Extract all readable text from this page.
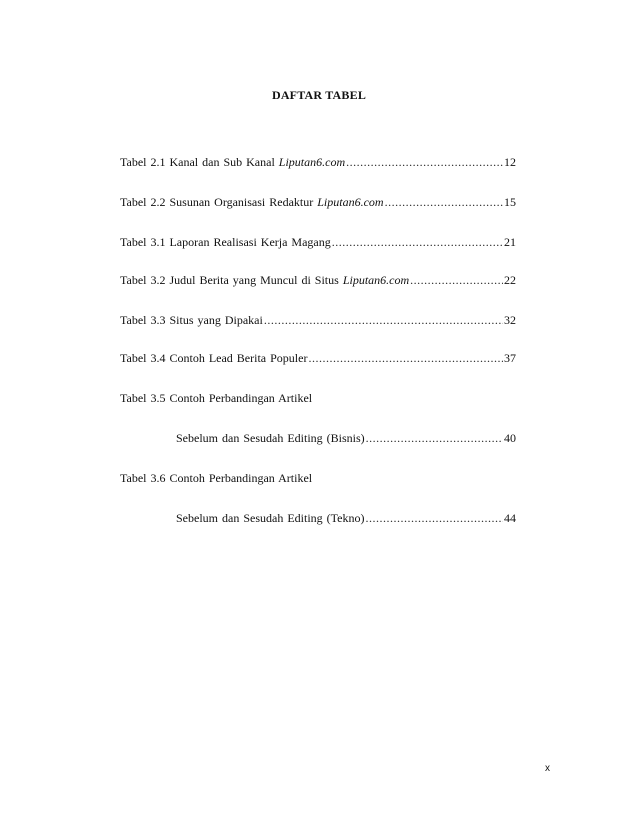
DAFTAR TABEL
Tabel 2.1 Kanal dan Sub Kanal Liputan6.com .....	12
Tabel 2.2 Susunan Organisasi Redaktur Liputan6.com .....	15
Tabel 3.1 Laporan Realisasi Kerja Magang .....	21
Tabel 3.2 Judul Berita yang Muncul di Situs Liputan6.com .....	22
Tabel 3.3 Situs yang Dipakai .....	32
Tabel 3.4 Contoh Lead Berita Populer .....	37
Tabel 3.5 Contoh Perbandingan Artikel
Sebelum dan Sesudah Editing (Bisnis) .....	40
Tabel 3.6 Contoh Perbandingan Artikel
Sebelum dan Sesudah Editing (Tekno) .....	44
x
